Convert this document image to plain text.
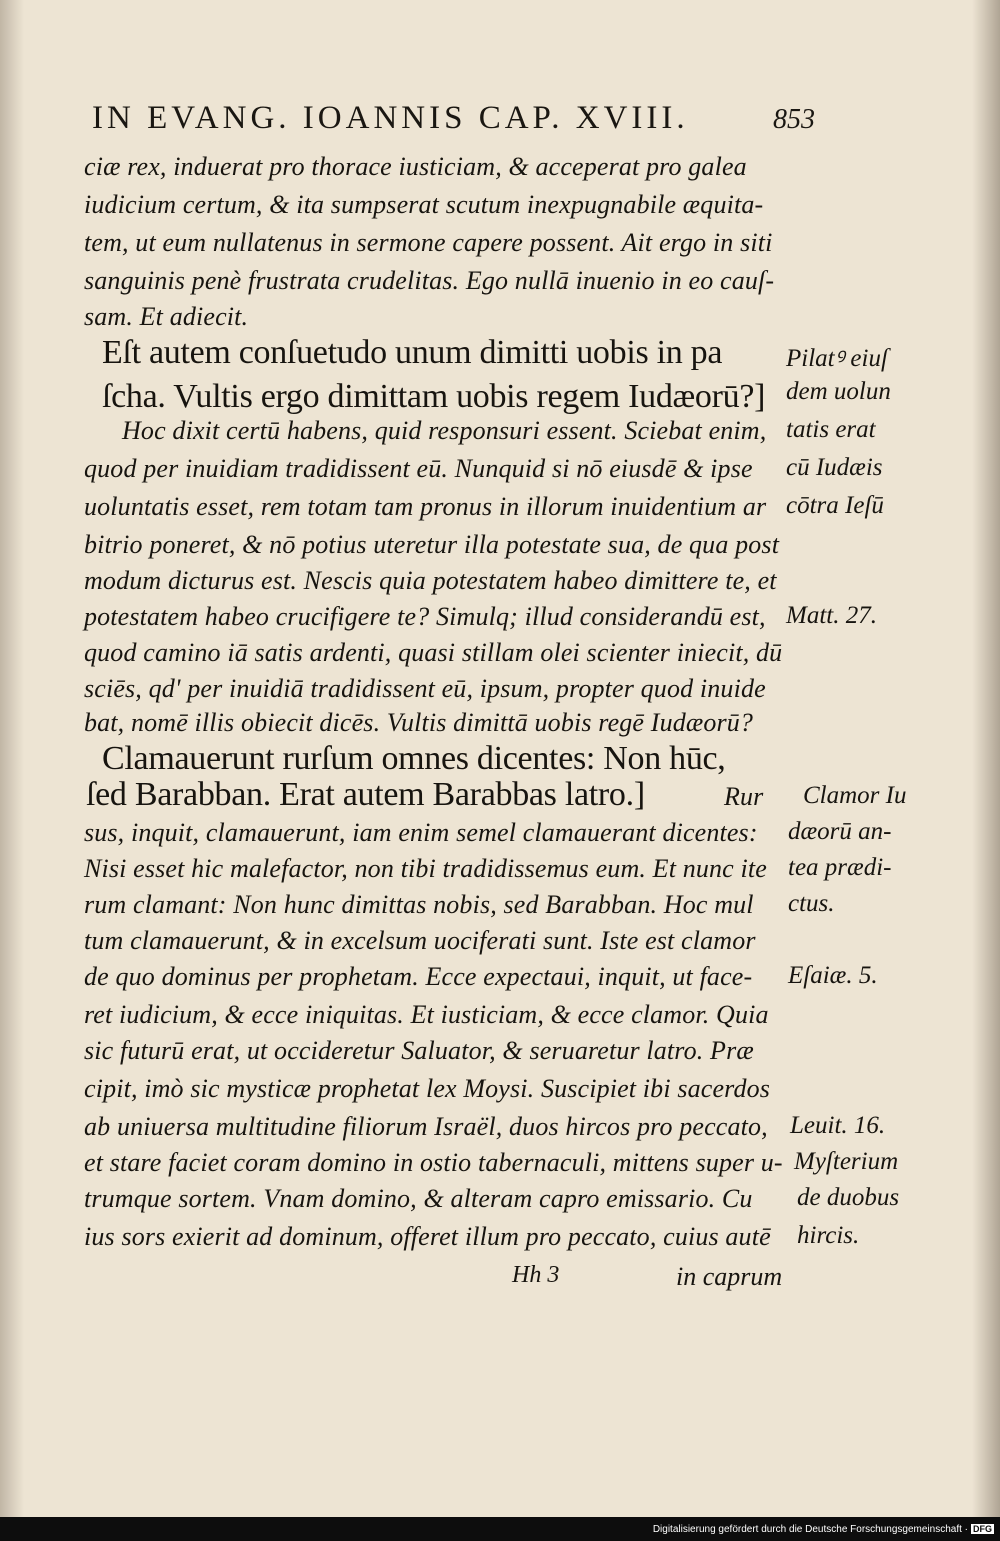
IN EVANG. IOANNIS CAP. XVIII.	853
ciæ rex, induerat pro thorace iusticiam, & acceperat pro galea
iudicium certum, & ita sumpserat scutum inexpugnabile æquita-
tem, ut eum nullatenus in sermone capere possent. Ait ergo in siti
sanguinis penè frustrata crudelitas. Ego nullā inuenio in eo cauſ-
sam. Et adiecit.
Eſt autem conſuetudo unum dimitti uobis in pa
ſcha. Vultis ergo dimittam uobis regem Iudæorū?]
Hoc dixit certū habens, quid responsuri essent. Sciebat enim,
quod per inuidiam tradidissent eū. Nunquid si nō eiusdē & ipse
uoluntatis esset, rem totam tam pronus in illorum inuidentium ar
bitrio poneret, & nō potius uteretur illa potestate sua, de qua post
modum dicturus est. Nescis quia potestatem habeo dimittere te, et
potestatem habeo crucifigere te? Simulq; illud considerandū est,
quod camino iā satis ardenti, quasi stillam olei scienter iniecit, dū
sciēs, qd' per inuidiā tradidissent eū, ipsum, propter quod inuide
bat, nomē illis obiecit dicēs. Vultis dimittā uobis regē Iudæorū?
Clamauerunt rurſum omnes dicentes: Non hūc,
ſed Barabban. Erat autem Barabbas latro.]	Rur
sus, inquit, clamauerunt, iam enim semel clamauerant dicentes:
Nisi esset hic malefactor, non tibi tradidissemus eum. Et nunc ite
rum clamant: Non hunc dimittas nobis, sed Barabban. Hoc mul
tum clamauerunt, & in excelsum uociferati sunt. Iste est clamor
de quo dominus per prophetam. Ecce expectaui, inquit, ut face-
ret iudicium, & ecce iniquitas. Et iusticiam, & ecce clamor. Quia
sic futurū erat, ut occideretur Saluator, & seruaretur latro. Præ
cipit, imò sic mysticæ prophetat lex Moysi. Suscipiet ibi sacerdos
ab uniuersa multitudine filiorum Israël, duos hircos pro peccato,
et stare faciet coram domino in ostio tabernaculi, mittens super u-
trumque sortem. Vnam domino, & alteram capro emissario. Cu
ius sors exierit ad dominum, offeret illum pro peccato, cuius autē
Pilatꝰ eiuſ
dem uolun
tatis erat
cū Iudæis
cōtra Ieſū
Matt. 27.
Clamor Iu
dæorū an-
tea prædi-
ctus.
Eſaiæ. 5.
Leuit. 16.
Myſterium
de duobus
hircis.
Hh 3	in caprum
Digitalisierung gefördert durch die Deutsche Forschungsgemeinschaft · DFG
